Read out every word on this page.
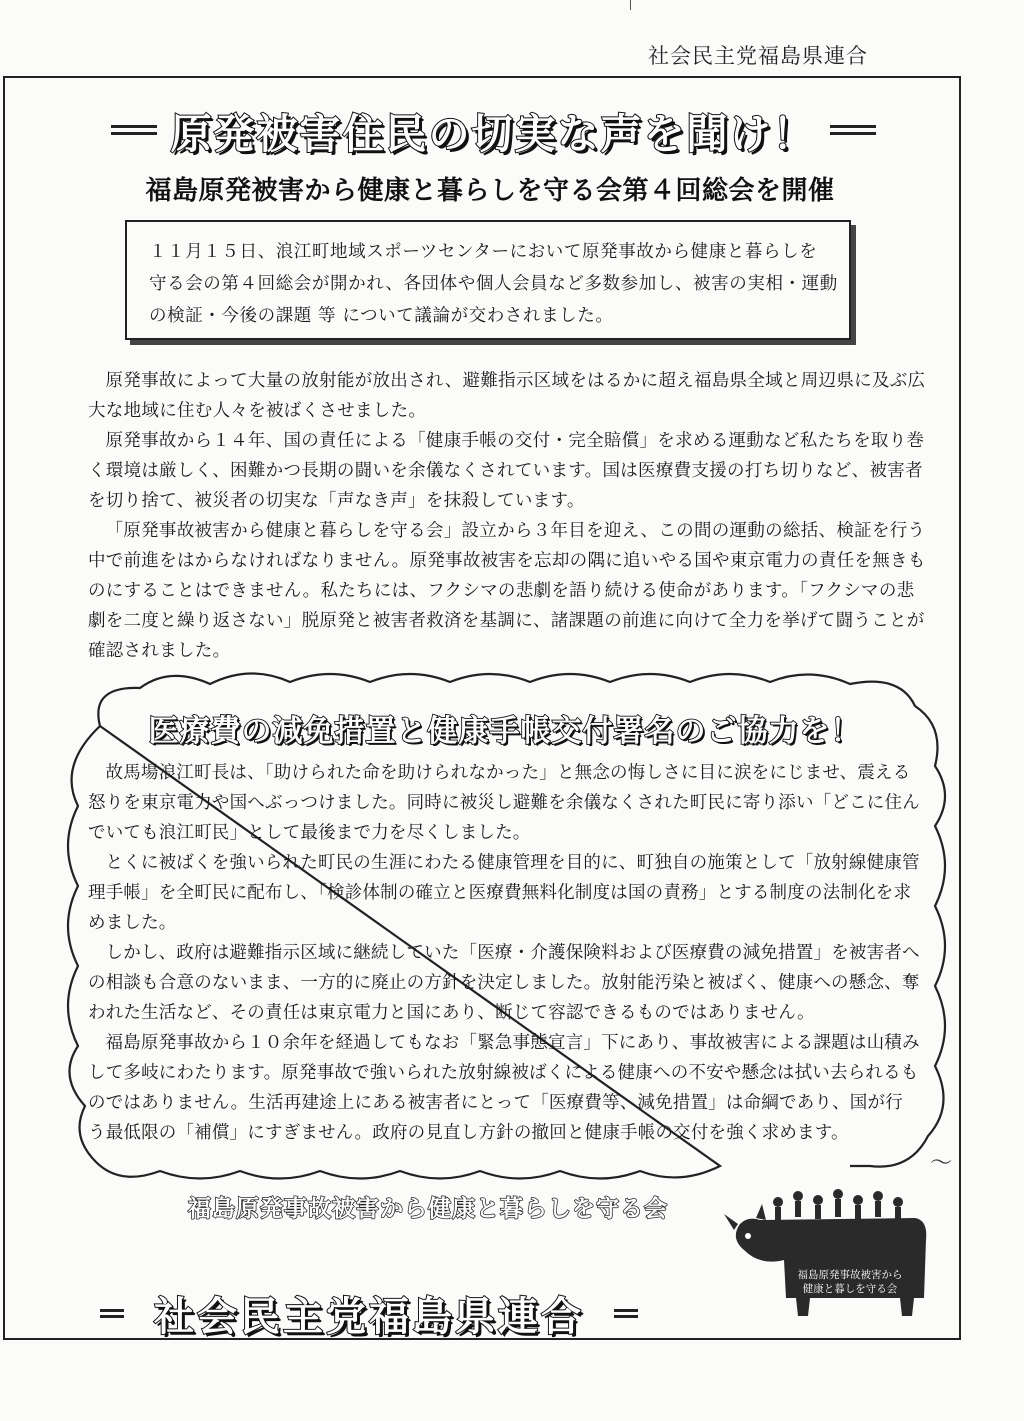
社会民主党福島県連合
原発被害住民の切実な声を聞け！
福島原発被害から健康と暮らしを守る会第４回総会を開催
１１月１５日、浪江町地域スポーツセンターにおいて原発事故から健康と暮らしを
守る会の第４回総会が開かれ、各団体や個人会員など多数参加し、被害の実相・運動
の検証・今後の課題 等 について議論が交わされました。

原発事故によって大量の放射能が放出され、避難指示区域をはるかに超え福島県全域と周辺県に及ぶ広大な地域に住む人々を被ばくさせました。

原発事故から１４年、国の責任による「健康手帳の交付・完全賠償」を求める運動など私たちを取り巻く環境は厳しく、困難かつ長期の闘いを余儀なくされています。国は医療費支援の打ち切りなど、被害者を切り捨て、被災者の切実な「声なき声」を抹殺しています。

「原発事故被害から健康と暮らしを守る会」設立から３年目を迎え、この間の運動の総括、検証を行う中で前進をはからなければなりません。原発事故被害を忘却の隅に追いやる国や東京電力の責任を無きものにすることはできません。私たちには、フクシマの悲劇を語り続ける使命があります。「フクシマの悲劇を二度と繰り返さない」脱原発と被害者救済を基調に、諸課題の前進に向けて全力を挙げて闘うことが確認されました。

医療費の減免措置と健康手帳交付署名のご協力を！

故馬場浪江町長は、「助けられた命を助けられなかった」と無念の悔しさに目に涙をにじませ、震える怒りを東京電力や国へぶっつけました。同時に被災し避難を余儀なくされた町民に寄り添い「どこに住んでいても浪江町民」として最後まで力を尽くしました。

とくに被ばくを強いられた町民の生涯にわたる健康管理を目的に、町独自の施策として「放射線健康管理手帳」を全町民に配布し、「検診体制の確立と医療費無料化制度は国の責務」とする制度の法制化を求めました。

しかし、政府は避難指示区域に継続していた「医療・介護保険料および医療費の減免措置」を被害者への相談も合意のないまま、一方的に廃止の方針を決定しました。放射能汚染と被ばく、健康への懸念、奪われた生活など、その責任は東京電力と国にあり、断じて容認できるものではありません。

福島原発事故から１０余年を経過してもなお「緊急事態宣言」下にあり、事故被害による課題は山積みして多岐にわたります。原発事故で強いられた放射線被ばくによる健康への不安や懸念は拭い去られるものではありません。生活再建途上にある被害者にとって「医療費等、減免措置」は命綱であり、国が行う最低限の「補償」にすぎません。政府の見直し方針の撤回と健康手帳の交付を強く求めます。

〜
福島原発事故被害から健康と暮らしを守る会
福島原発事故被害から
健康と暮しを守る会
社会民主党福島県連合
